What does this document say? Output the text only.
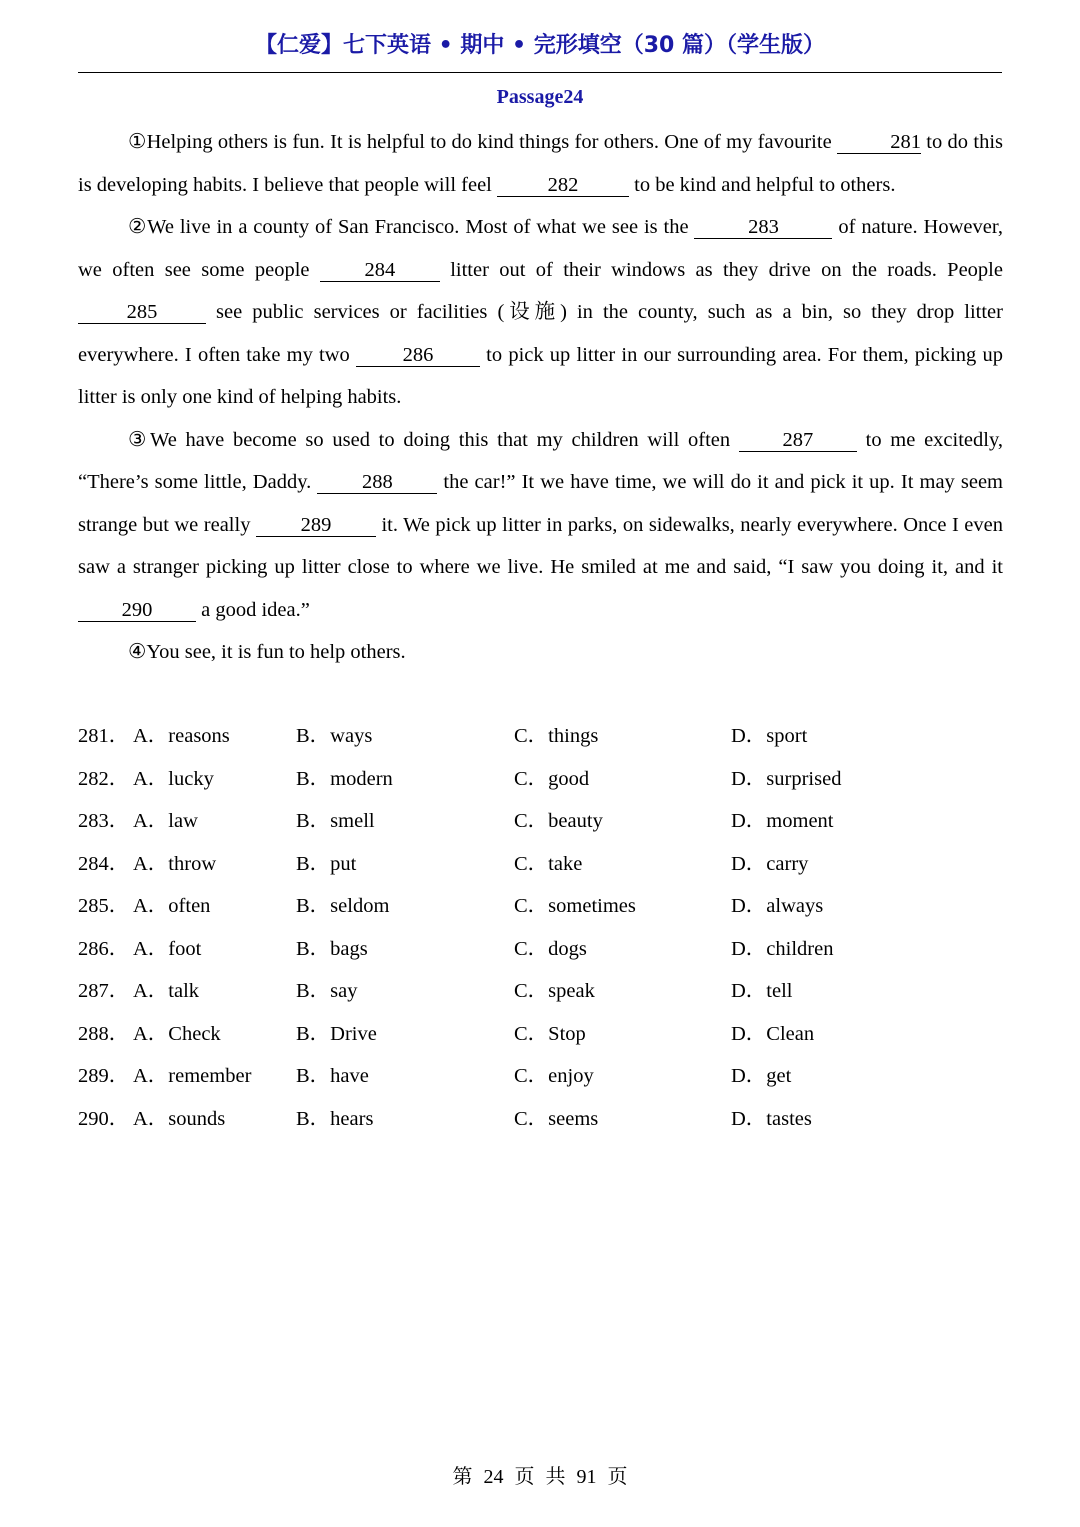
【仁爱】七下英语 • 期中 • 完形填空（30 篇）（学生版）
Passage24

①Helping others is fun. It is helpful to do kind things for others. One of my favourite	281 to do this is developing habits. I believe that people will feel 282 to be kind and helpful to others.

②We live in a county of San Francisco. Most of what we see is the	283	of nature. However, we often see some people 284 litter out of their windows as they drive on the roads. People 285 see public services or facilities (设施) in the county, such as a bin, so they drop litter everywhere. I often take my two 286 to pick up litter in our surrounding area. For them, picking up litter is only one kind of helping habits.

③We have become so used to doing this that my children will often 287 to me excitedly, “There’s some little, Daddy. 288 the car!” It we have time, we will do it and pick it up. It may seem strange but we really 289 it. We pick up litter in parks, on sidewalks, nearly everywhere. Once I even saw a stranger picking up litter close to where we live. He smiled at me and said, “I saw you doing it, and it 290 a good idea.”

④You see, it is fun to help others.

281． A．reasons	B．ways	C．things	D．sport
282． A．lucky	B．modern	C．good	D．surprised
283． A．law	B．smell	C．beauty	D．moment
284． A．throw	B．put	C．take	D．carry
285． A．often	B．seldom	C．sometimes	D．always
286． A．foot	B．bags	C．dogs	D．children
287． A．talk	B．say	C．speak	D．tell
288． A．Check	B．Drive	C．Stop	D．Clean
289． A．remember B．have	C．enjoy	D．get
290． A．sounds	B．hears	C．seems	D．tastes
第 24 页 共 91 页
